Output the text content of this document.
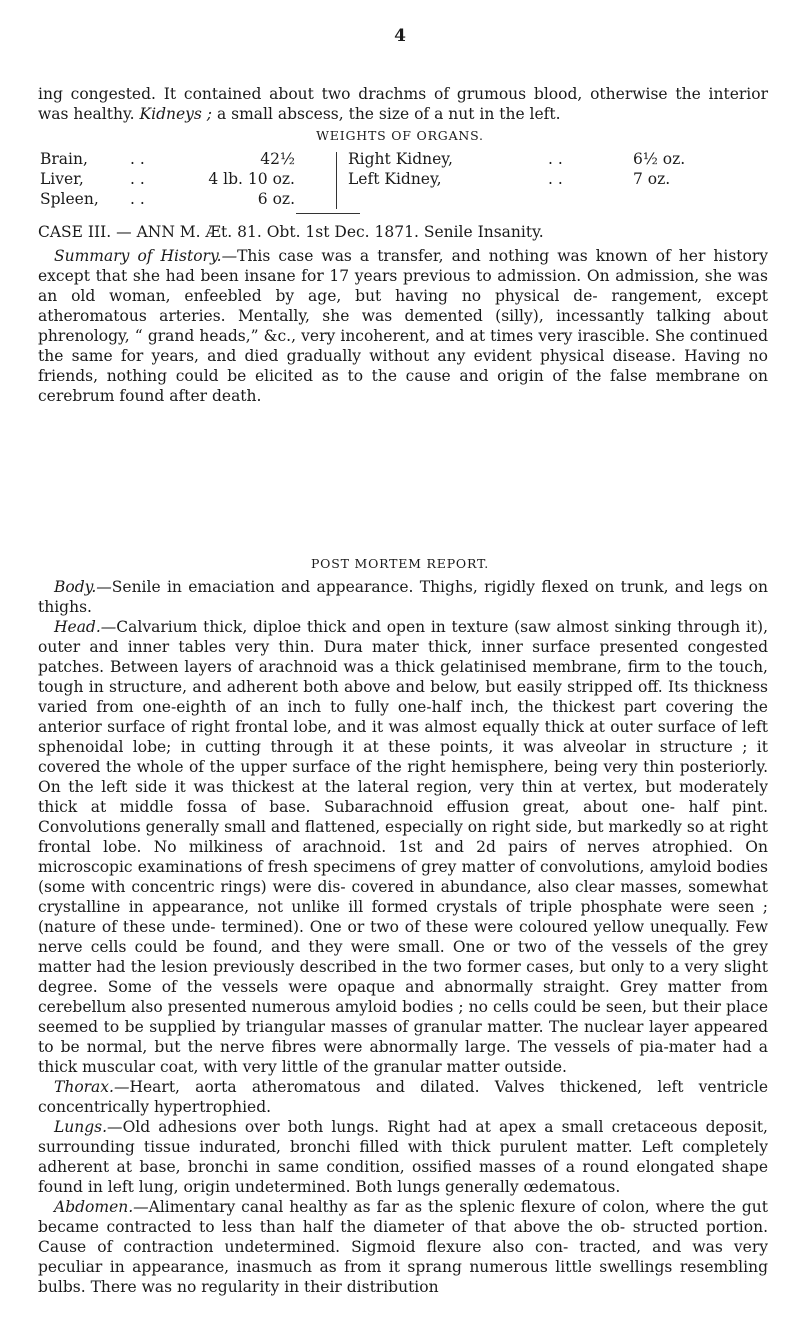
4
ing congested. It contained about two drachms of grumous blood, otherwise the interior was healthy. Kidneys ; a small abscess, the size of a nut in the left.
WEIGHTS OF ORGANS.
Brain,	. .	42½
Liver,	. .	4 lb. 10 oz.
Spleen, . .	6 oz.
Right Kidney,	. .	6½ oz.
Left Kidney,	. .	7 oz.
CASE III. — ANN M. Æt. 81. Obt. 1st Dec. 1871. Senile Insanity.
Summary of History.—This case was a transfer, and nothing was known of her history except that she had been insane for 17 years previous to admission. On admission, she was an old woman, enfeebled by age, but having no physical de- rangement, except atheromatous arteries. Mentally, she was demented (silly), incessantly talking about phrenology, “ grand heads,” &c., very incoherent, and at times very irascible. She continued the same for years, and died gradually without any evident physical disease. Having no friends, nothing could be elicited as to the cause and origin of the false membrane on cerebrum found after death.
POST MORTEM REPORT.
Body.—Senile in emaciation and appearance. Thighs, rigidly flexed on trunk, and legs on thighs.
Head.—Calvarium thick, diploe thick and open in texture (saw almost sinking through it), outer and inner tables very thin. Dura mater thick, inner surface presented congested patches. Between layers of arachnoid was a thick gelatinised membrane, firm to the touch, tough in structure, and adherent both above and below, but easily stripped off. Its thickness varied from one-eighth of an inch to fully one-half inch, the thickest part covering the anterior surface of right frontal lobe, and it was almost equally thick at outer surface of left sphenoidal lobe; in cutting through it at these points, it was alveolar in structure ; it covered the whole of the upper surface of the right hemisphere, being very thin posteriorly. On the left side it was thickest at the lateral region, very thin at vertex, but moderately thick at middle fossa of base. Subarachnoid effusion great, about one- half pint. Convolutions generally small and flattened, especially on right side, but markedly so at right frontal lobe. No milkiness of arachnoid. 1st and 2d pairs of nerves atrophied. On microscopic examinations of fresh specimens of grey matter of convolutions, amyloid bodies (some with concentric rings) were dis- covered in abundance, also clear masses, somewhat crystalline in appearance, not unlike ill formed crystals of triple phosphate were seen ; (nature of these unde- termined). One or two of these were coloured yellow unequally. Few nerve cells could be found, and they were small. One or two of the vessels of the grey matter had the lesion previously described in the two former cases, but only to a very slight degree. Some of the vessels were opaque and abnormally straight. Grey matter from cerebellum also presented numerous amyloid bodies ; no cells could be seen, but their place seemed to be supplied by triangular masses of granular matter. The nuclear layer appeared to be normal, but the nerve fibres were abnormally large. The vessels of pia-mater had a thick muscular coat, with very little of the granular matter outside.
Thorax.—Heart, aorta atheromatous and dilated. Valves thickened, left ventricle concentrically hypertrophied.
Lungs.—Old adhesions over both lungs. Right had at apex a small cretaceous deposit, surrounding tissue indurated, bronchi filled with thick purulent matter. Left completely adherent at base, bronchi in same condition, ossified masses of a round elongated shape found in left lung, origin undetermined. Both lungs generally œdematous.
Abdomen.—Alimentary canal healthy as far as the splenic flexure of colon, where the gut became contracted to less than half the diameter of that above the ob- structed portion. Cause of contraction undetermined. Sigmoid flexure also con- tracted, and was very peculiar in appearance, inasmuch as from it sprang numerous little swellings resembling bulbs. There was no regularity in their distribution
